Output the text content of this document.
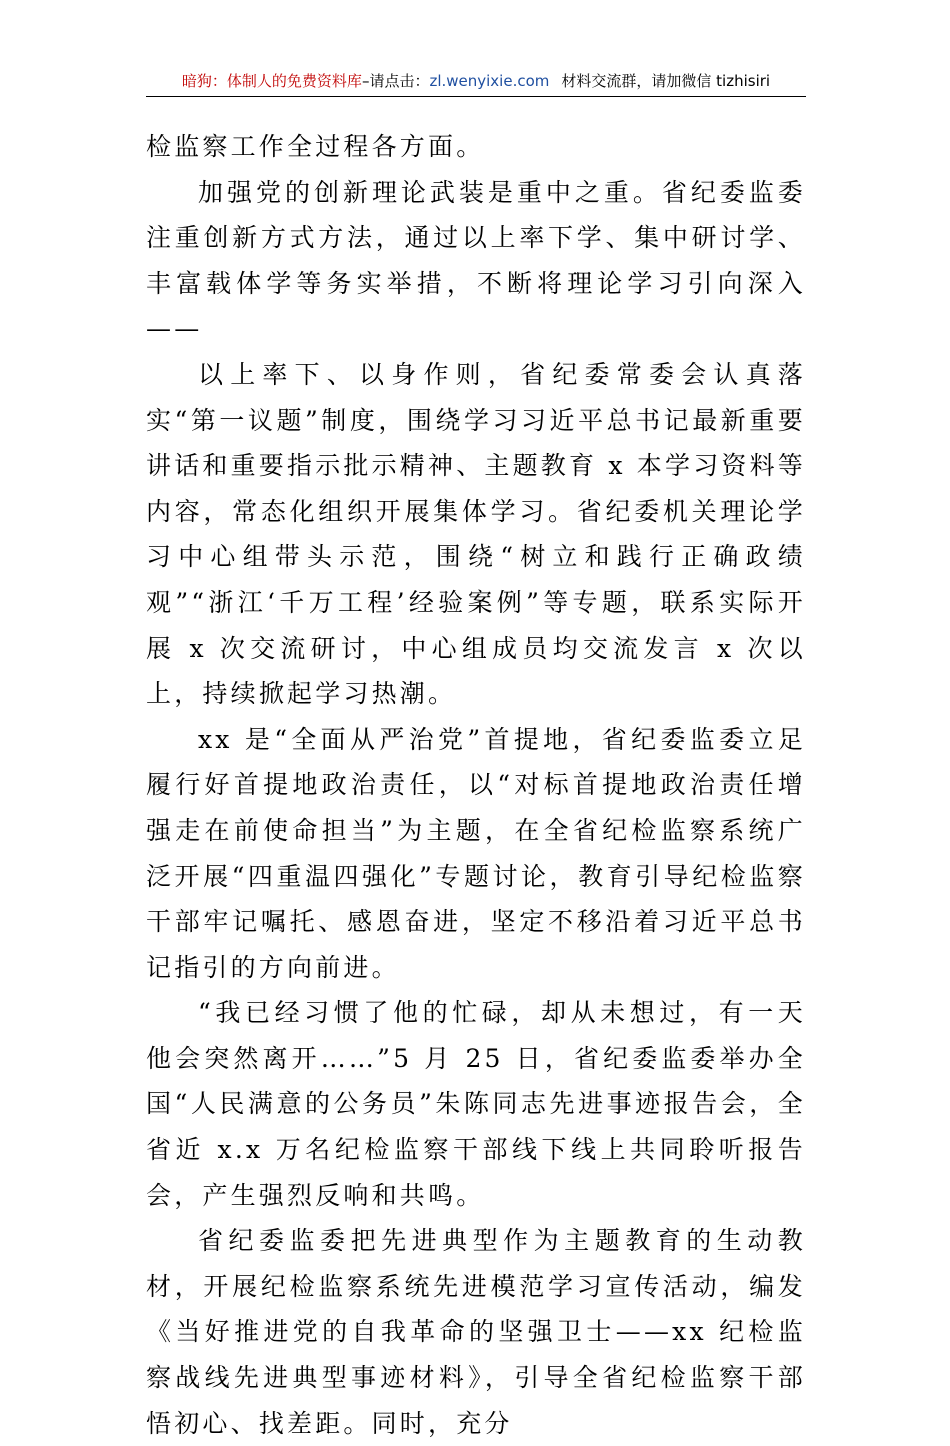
暗狗：体制人的免费资料库–请点击：zl.wenyixie.com 材料交流群，请加微信 tizhisiri

检监察工作全过程各方面。

加强党的创新理论武装是重中之重。省纪委监委注重创新方式方法，通过以上率下学、集中研讨学、丰富载体学等务实举措，不断将理论学习引向深入——

以上率下、以身作则，省纪委常委会认真落实“第一议题”制度，围绕学习习近平总书记最新重要讲话和重要指示批示精神、主题教育 x 本学习资料等内容，常态化组织开展集体学习。省纪委机关理论学习中心组带头示范，围绕“树立和践行正确政绩观”“浙江‘千万工程’经验案例”等专题，联系实际开展 x 次交流研讨，中心组成员均交流发言 x 次以上，持续掀起学习热潮。

xx 是“全面从严治党”首提地，省纪委监委立足履行好首提地政治责任，以“对标首提地政治责任增强走在前使命担当”为主题，在全省纪检监察系统广泛开展“四重温四强化”专题讨论，教育引导纪检监察干部牢记嘱托、感恩奋进，坚定不移沿着习近平总书记指引的方向前进。

“我已经习惯了他的忙碌，却从未想过，有一天他会突然离开……”5 月 25 日，省纪委监委举办全国“人民满意的公务员”朱陈同志先进事迹报告会，全省近 x.x 万名纪检监察干部线下线上共同聆听报告会，产生强烈反响和共鸣。

省纪委监委把先进典型作为主题教育的生动教材，开展纪检监察系统先进模范学习宣传活动，编发《当好推进党的自我革命的坚强卫士——xx 纪检监察战线先进典型事迹材料》，引导全省纪检监察干部悟初心、找差距。同时，充分
